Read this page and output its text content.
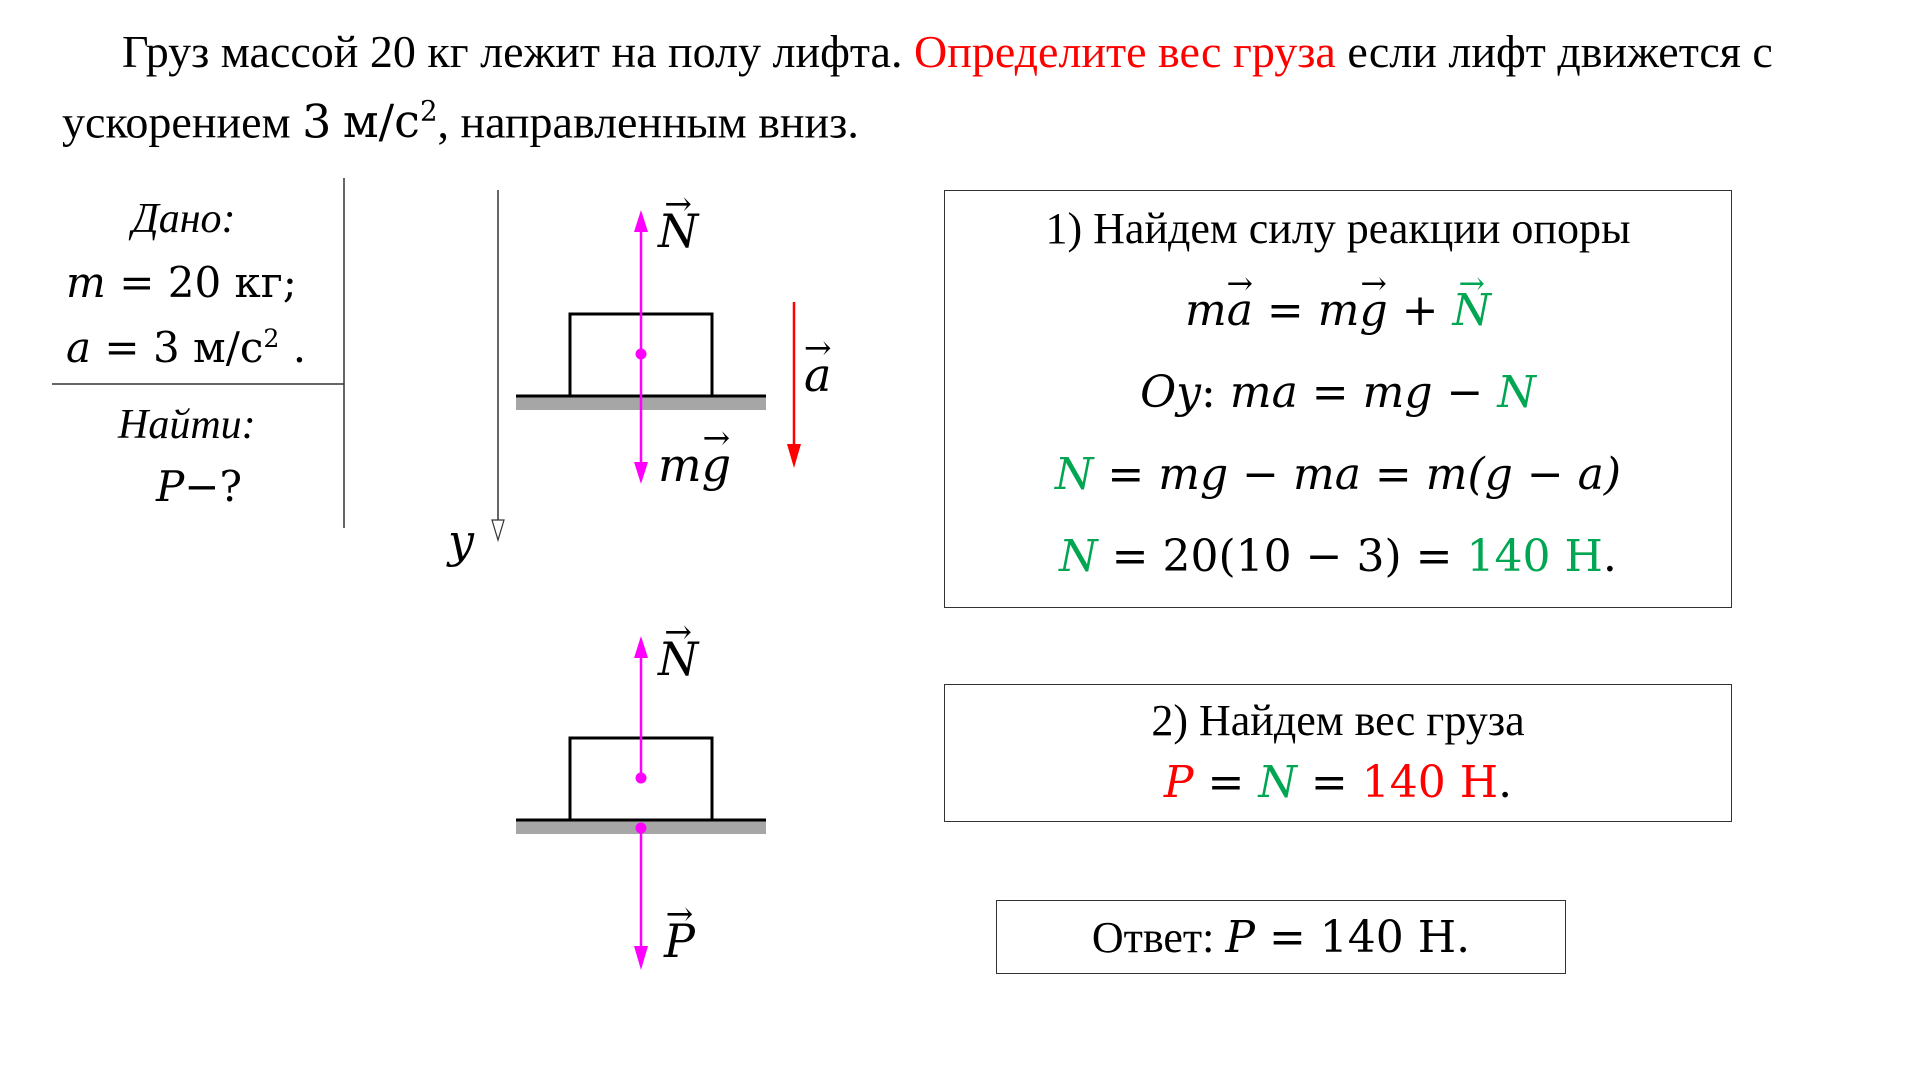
Груз массой 20 кг лежит на полу лифта. Определите вес груза если лифт движется с ускорением 3 $м/с^2$, направленным вниз.

Дано:
m = 20 кг;
a = 3 $м/с^2$ .
Найти:
P−?
y
→ N
→ a
m→ g
→ N
→ P
1) Найдем силу реакции опоры
m→ a = m→ g + → N
Oy: ma = mg − N
N = mg − ma = m(g − a)
N = 20(10 − 3) = 140 Н.
2) Найдем вес груза
P = N = 140 Н.
Ответ: P = 140 Н.
